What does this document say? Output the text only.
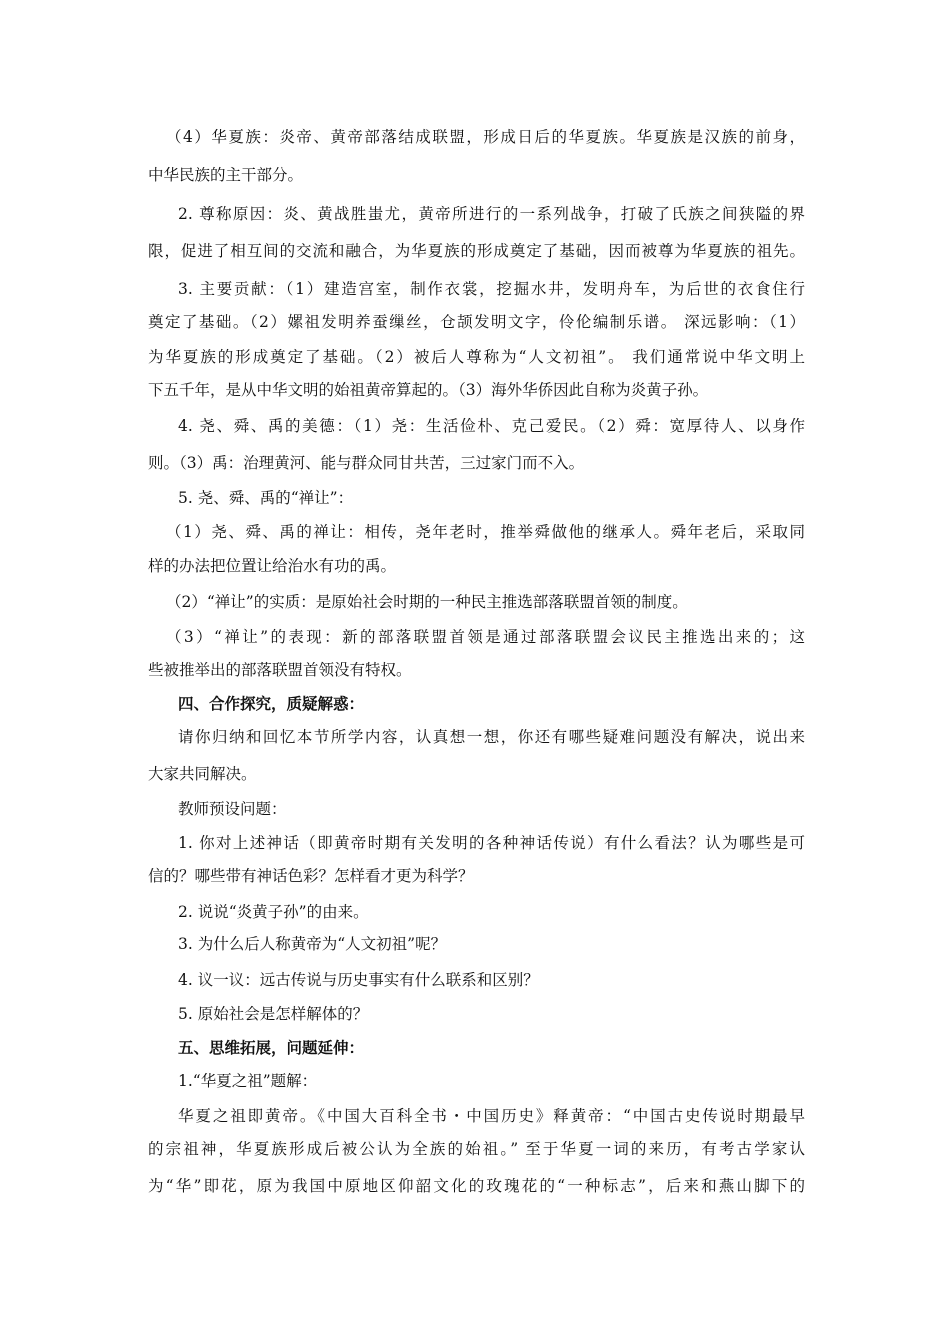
（4）华夏族：炎帝、黄帝部落结成联盟，形成日后的华夏族。华夏族是汉族的前身，
中华民族的主干部分。
2. 尊称原因：炎、黄战胜蚩尤，黄帝所进行的一系列战争，打破了氏族之间狭隘的界
限，促进了相互间的交流和融合，为华夏族的形成奠定了基础，因而被尊为华夏族的祖先。
3. 主要贡献：（1）建造宫室，制作衣裳，挖掘水井，发明舟车，为后世的衣食住行
奠定了基础。（2）嫘祖发明养蚕缫丝，仓颉发明文字，伶伦编制乐谱。 深远影响：（1）
为华夏族的形成奠定了基础。（2）被后人尊称为“人文初祖”。 我们通常说中华文明上
下五千年，是从中华文明的始祖黄帝算起的。（3）海外华侨因此自称为炎黄子孙。
4. 尧、舜、禹的美德：（1）尧：生活俭朴、克己爱民。（2）舜：宽厚待人、以身作
则。（3）禹：治理黄河、能与群众同甘共苦，三过家门而不入。
5. 尧、舜、禹的“禅让”：
（1）尧、舜、禹的禅让：相传，尧年老时，推举舜做他的继承人。舜年老后，采取同
样的办法把位置让给治水有功的禹。
（2）“禅让”的实质：是原始社会时期的一种民主推选部落联盟首领的制度。
（3）“禅让”的表现：新的部落联盟首领是通过部落联盟会议民主推选出来的；这
些被推举出的部落联盟首领没有特权。
四、合作探究，质疑解惑：
请你归纳和回忆本节所学内容，认真想一想，你还有哪些疑难问题没有解决，说出来
大家共同解决。
教师预设问题：
1. 你对上述神话（即黄帝时期有关发明的各种神话传说）有什么看法？认为哪些是可
信的？哪些带有神话色彩？怎样看才更为科学？
2. 说说“炎黄子孙”的由来。
3. 为什么后人称黄帝为“人文初祖”呢？
4. 议一议：远古传说与历史事实有什么联系和区别？
5. 原始社会是怎样解体的？
五、思维拓展，问题延伸：
1.“华夏之祖”题解：
华夏之祖即黄帝。《中国大百科全书・中国历史》释黄帝：“中国古史传说时期最早
的宗祖神，华夏族形成后被公认为全族的始祖。” 至于华夏一词的来历，有考古学家认
为“华”即花，原为我国中原地区仰韶文化的玫瑰花的“一种标志”，后来和燕山脚下的
